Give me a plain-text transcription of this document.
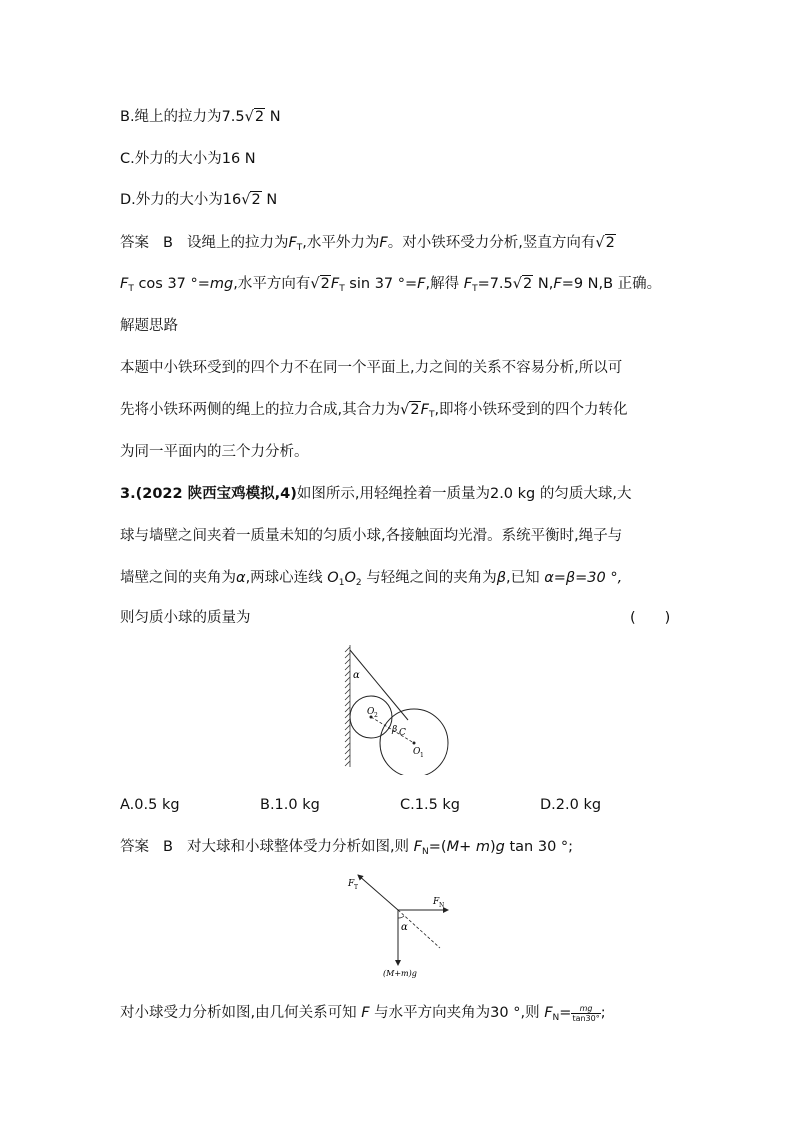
B.绳上的拉力为7.5√2 N
C.外力的大小为16 N
D.外力的大小为16√2 N
答案 B 设绳上的拉力为$F_T$,水平外力为F。对小铁环受力分析,竖直方向有√2
$F_T$ cos 37 °=mg,水平方向有$√2F_T$ sin 37 °=F,解得 $F_T=7.5√2$ N,F=9 N,B 正确。
解题思路
本题中小铁环受到的四个力不在同一个平面上,力之间的关系不容易分析,所以可
先将小铁环两侧的绳上的拉力合成,其合力为$√2F_T$,即将小铁环受到的四个力转化
为同一平面内的三个力分析。
3.(2022 陕西宝鸡模拟,4)如图所示,用轻绳拴着一质量为2.0 kg 的匀质大球,大
球与墙壁之间夹着一质量未知的匀质小球,各接触面均光滑。系统平衡时,绳子与
墙壁之间的夹角为α,两球心连线 $O_1O_2$ 与轻绳之间的夹角为β,已知 α=β=30 °,
则匀质小球的质量为	(　　)
α
O 2
β C
O 1
A.0.5 kg	B.1.0 kg	C.1.5 kg	D.2.0 kg
答案 B 对大球和小球整体受力分析如图,则 $F_N=(M+ m)g$ tan 30 °;
F T
F N
α
(M+m)g
对小球受力分析如图,由几何关系可知 F 与水平方向夹角为30 °,则 $F_N= \frac{mg}{\tan 30^\circ}$ ;
